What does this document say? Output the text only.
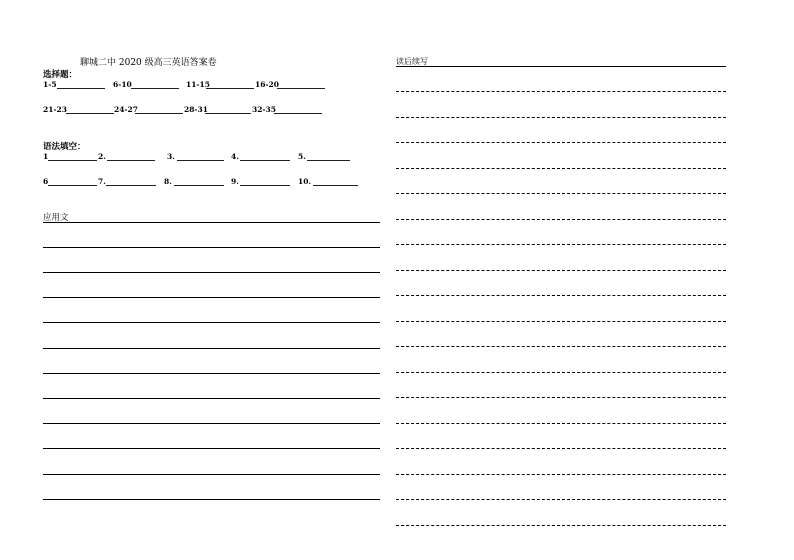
聊城二中 2020 级高三英语答案卷
选择题：
1-5	6-10	11-15	16-20
21-23	24-27	28-31	32-35
语法填空：
1	2.	3.	4.	5.
6	7.	8.	9.	10.
应用文
读后续写
